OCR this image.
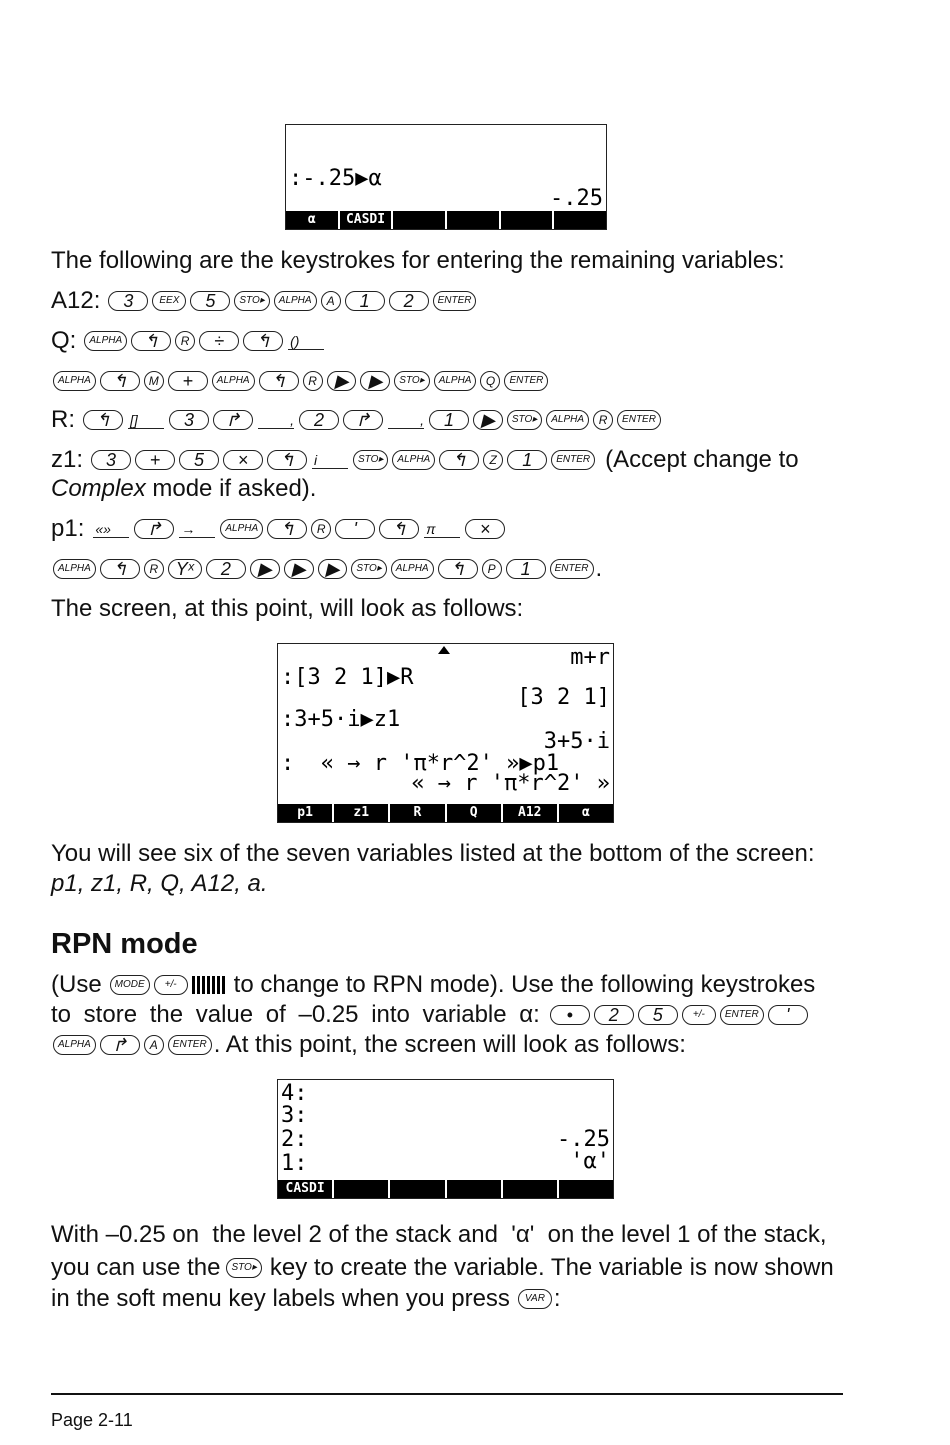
:-.25▶α
-.25
α	CASDI
The following are the keystrokes for entering the remaining variables:
A12:	3	EEX	5	STO▸	ALPHA	A	1	2	ENTER
Q:	ALPHA	↰	R	÷	↰	()
ALPHA	↰	M	+	ALPHA	↰	R ▶	▶	STO▸	ALPHA	Q	ENTER
R:	↰	[]	3	↱	,	2	↱	,	1	▶	STO▸	ALPHA	R	ENTER
z1:	3	+	5	×	↰	i	STO▸	ALPHA	↰	Z	1	ENTER (Accept change to
Complex mode if asked).
p1: «»	↱	→	ALPHA	↰	R	'	↰	π	×
ALPHA	↰	R Yˣ	2	▶	▶	▶	STO▸	ALPHA	↰	P	1	ENTER .
The screen, at this point, will look as follows:
m+r
:[3 2 1]▶R
[3 2 1]
:3+5·i▶z1
3+5·i
:  « → r 'π*r^2' »▶p1
« → r 'π*r^2' »
p1	z1	R	Q	A12	α
You will see six of the seven variables listed at the bottom of the screen:
p1, z1, R, Q, A12, a.
RPN mode
(Use	MODE	+/-	to change to RPN mode). Use the following keystrokes
to store the value of –0.25 into variable α:	•	2	5	+/-	ENTER	'
ALPHA	↱	A	ENTER . At this point, the screen will look as follows:
4:
3:
2:	-.25
1:	'α'
CASDI
With –0.25 on  the level 2 of the stack and  'α'  on the level 1 of the stack,
you can use the	STO▸ key to create the variable. The variable is now shown
in the soft menu key labels when you press	VAR :
Page 2-11
